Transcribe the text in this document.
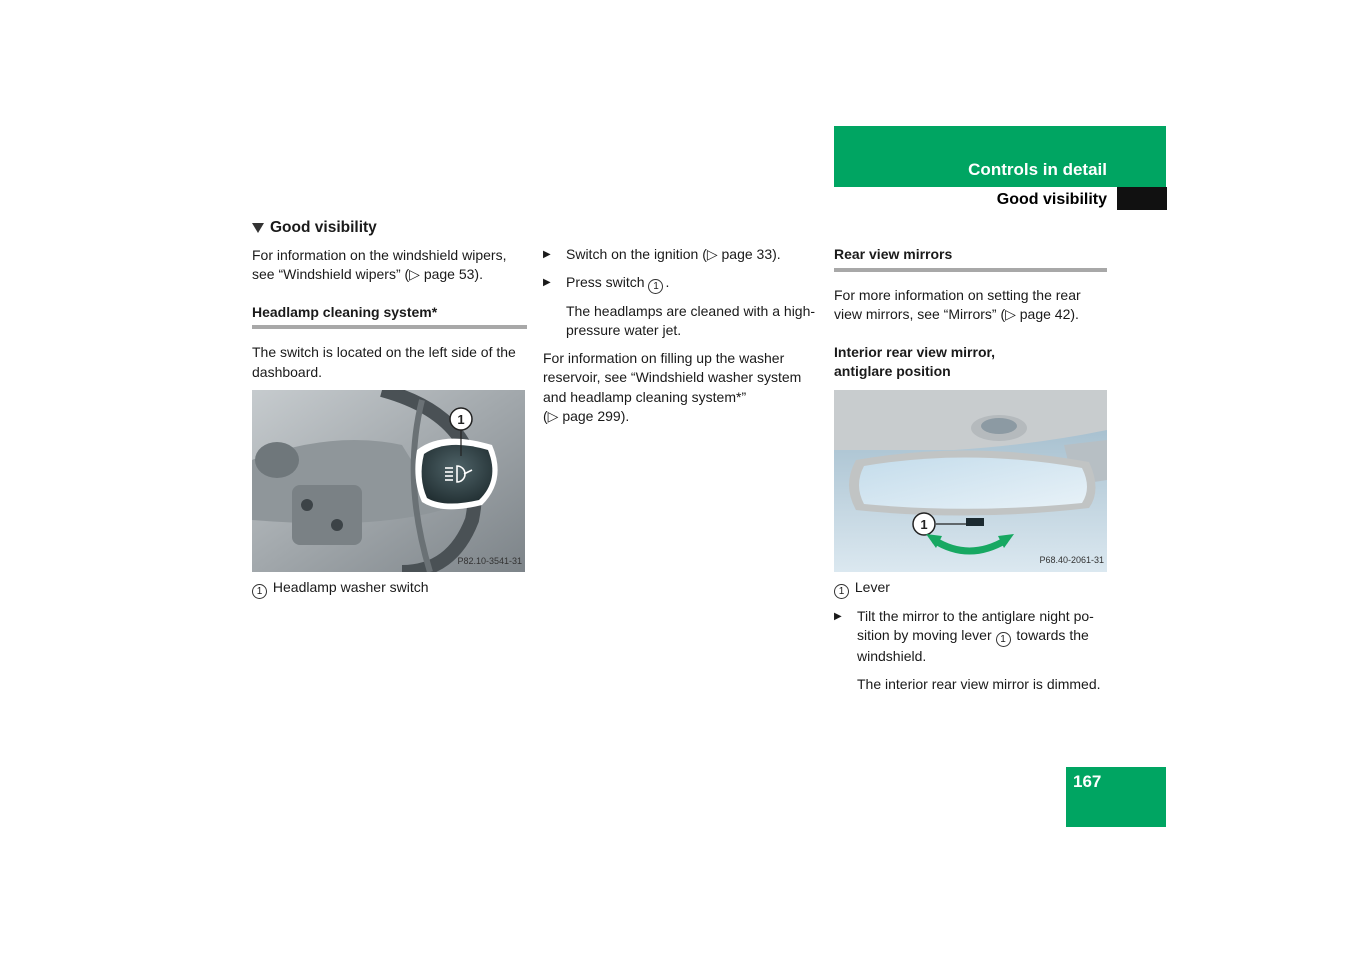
Controls in detail
Good visibility
Good visibility

For information on the windshield wipers, see “Windshield wipers” (▷ page 53).

Headlamp cleaning system*

The switch is located on the left side of the dashboard.

1
P82.10-3541-31

1 Headlamp washer switch

▶	Switch on the ignition (▷ page 33).
▶	Press switch 1 .

The headlamps are cleaned with a high-pressure water jet.

For information on filling up the washer reservoir, see “Windshield washer system and headlamp cleaning system*”
(▷ page 299).

Rear view mirrors

For more information on setting the rear view mirrors, see “Mirrors” (▷ page 42).

Interior rear view mirror,
antiglare position
1
P68.40-2061-31

1 Lever

▶	Tilt the mirror to the antiglare night position by moving lever 1 towards the windshield.

The interior rear view mirror is dimmed.

167
